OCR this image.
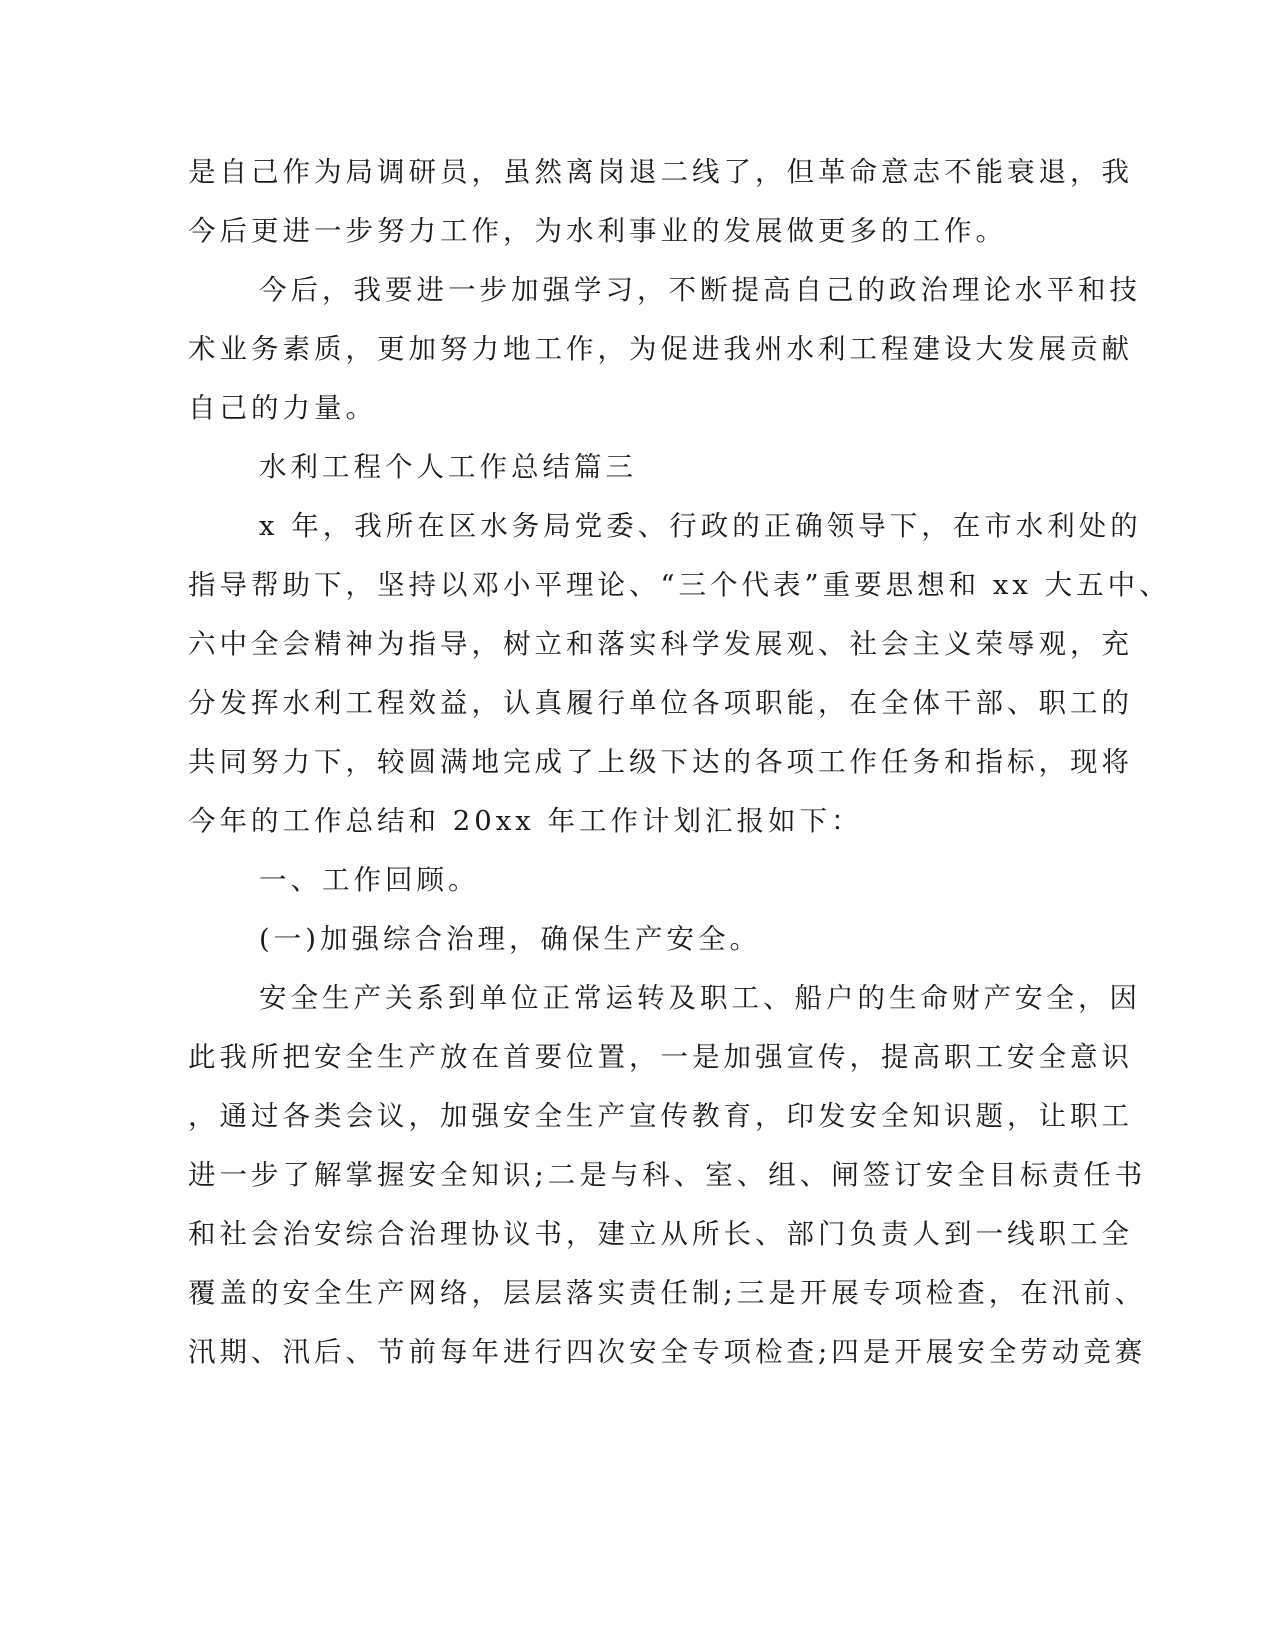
是自己作为局调研员，虽然离岗退二线了，但革命意志不能衰退，我
今后更进一步努力工作，为水利事业的发展做更多的工作。
今后，我要进一步加强学习，不断提高自己的政治理论水平和技
术业务素质，更加努力地工作，为促进我州水利工程建设大发展贡献
自己的力量。
水利工程个人工作总结篇三
x 年，我所在区水务局党委、行政的正确领导下，在市水利处的
指导帮助下，坚持以邓小平理论、“三个代表”重要思想和 xx 大五中、
六中全会精神为指导，树立和落实科学发展观、社会主义荣辱观，充
分发挥水利工程效益，认真履行单位各项职能，在全体干部、职工的
共同努力下，较圆满地完成了上级下达的各项工作任务和指标，现将
今年的工作总结和 20xx 年工作计划汇报如下：
一、工作回顾。
(一)加强综合治理，确保生产安全。
安全生产关系到单位正常运转及职工、船户的生命财产安全，因
此我所把安全生产放在首要位置，一是加强宣传，提高职工安全意识
，通过各类会议，加强安全生产宣传教育，印发安全知识题，让职工
进一步了解掌握安全知识;二是与科、室、组、闸签订安全目标责任书
和社会治安综合治理协议书，建立从所长、部门负责人到一线职工全
覆盖的安全生产网络，层层落实责任制;三是开展专项检查，在汛前、
汛期、汛后、节前每年进行四次安全专项检查;四是开展安全劳动竞赛
